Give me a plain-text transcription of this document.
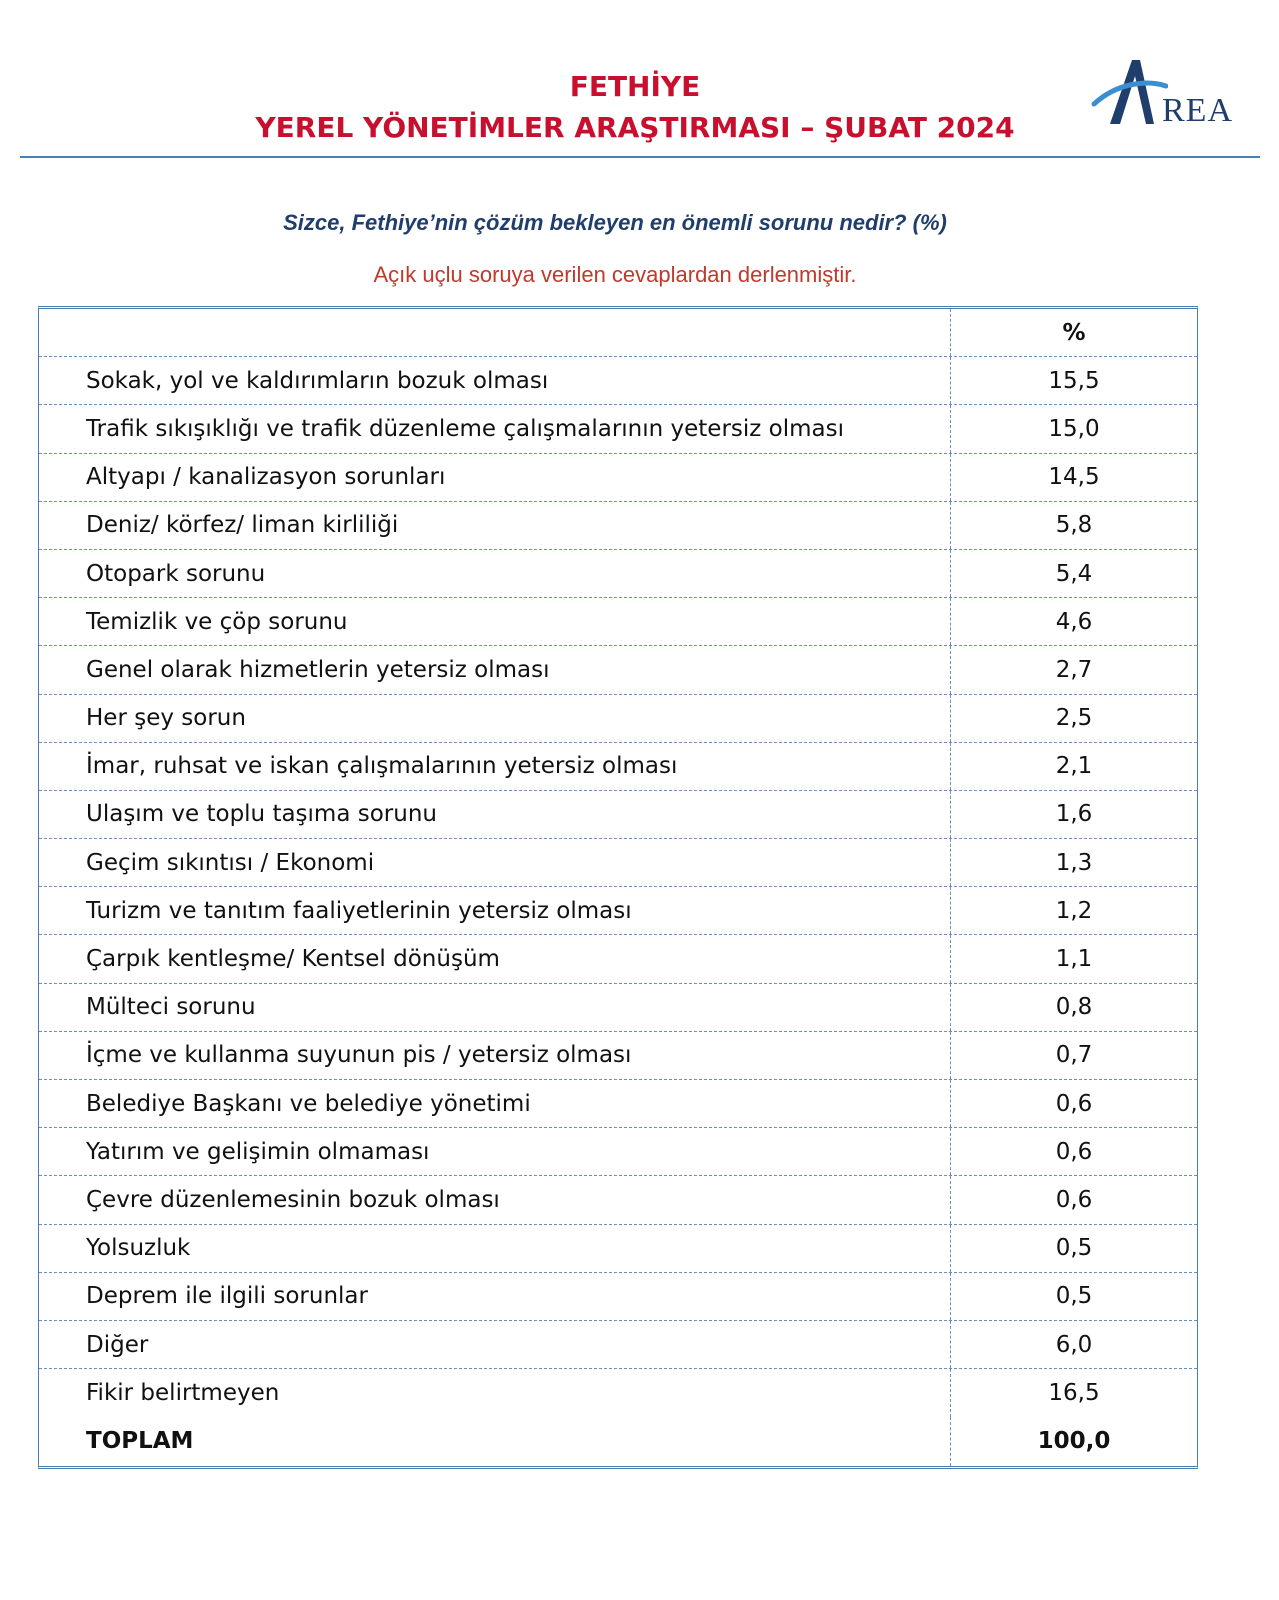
FETHİYE
YEREL YÖNETİMLER ARAŞTIRMASI – ŞUBAT 2024	REA
Sizce, Fethiye’nin çözüm bekleyen en önemli sorunu nedir? (%)
Açık uçlu soruya verilen cevaplardan derlenmiştir.
%
Sokak, yol ve kaldırımların bozuk olması	15,5
Trafik sıkışıklığı ve trafik düzenleme çalışmalarının yetersiz olması	15,0
Altyapı / kanalizasyon sorunları	14,5
Deniz/ körfez/ liman kirliliği	5,8
Otopark sorunu	5,4
Temizlik ve çöp sorunu	4,6
Genel olarak hizmetlerin yetersiz olması	2,7
Her şey sorun	2,5
İmar, ruhsat ve iskan çalışmalarının yetersiz olması	2,1
Ulaşım ve toplu taşıma sorunu	1,6
Geçim sıkıntısı / Ekonomi	1,3
Turizm ve tanıtım faaliyetlerinin yetersiz olması	1,2
Çarpık kentleşme/ Kentsel dönüşüm	1,1
Mülteci sorunu	0,8
İçme ve kullanma suyunun pis / yetersiz olması	0,7
Belediye Başkanı ve belediye yönetimi	0,6
Yatırım ve gelişimin olmaması	0,6
Çevre düzenlemesinin bozuk olması	0,6
Yolsuzluk	0,5
Deprem ile ilgili sorunlar	0,5
Diğer	6,0
Fikir belirtmeyen	16,5
TOPLAM	100,0
